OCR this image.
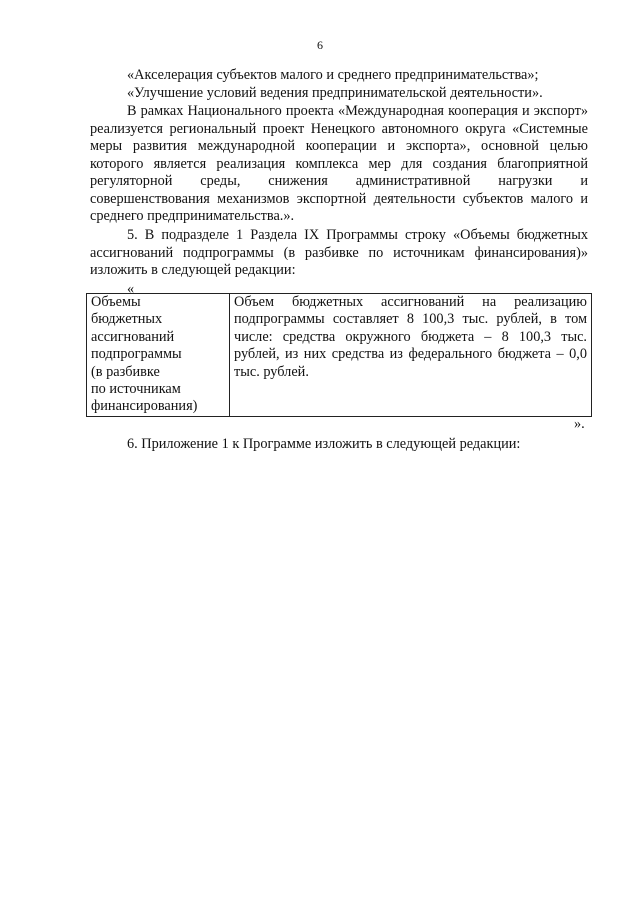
6
«Акселерация субъектов малого и среднего предпринимательства»;
«Улучшение условий ведения предпринимательской деятельности».

В рамках Национального проекта «Международная кооперация и экспорт» реализуется региональный проект Ненецкого автономного округа «Системные меры развития международной кооперации и экспорта», основной целью которого является реализация комплекса мер для создания благоприятной регуляторной среды, снижения административной нагрузки и совершенствования механизмов экспортной деятельности субъектов малого и среднего предпринимательства.».

5. В подразделе 1 Раздела IX Программы строку «Объемы бюджетных ассигнований подпрограммы (в разбивке по источникам финансирования)» изложить в следующей редакции:

«
Объемы
бюджетных
ассигнований
подпрограммы
(в разбивке
по источникам
финансирования)
	Объем бюджетных ассигнований на реализацию подпрограммы составляет 8 100,3 тыс. рублей, в том числе: средства окружного бюджета – 8 100,3 тыс. рублей, из них средства из федерального бюджета – 0,0 тыс. рублей.
».

6. Приложение 1 к Программе изложить в следующей редакции:
